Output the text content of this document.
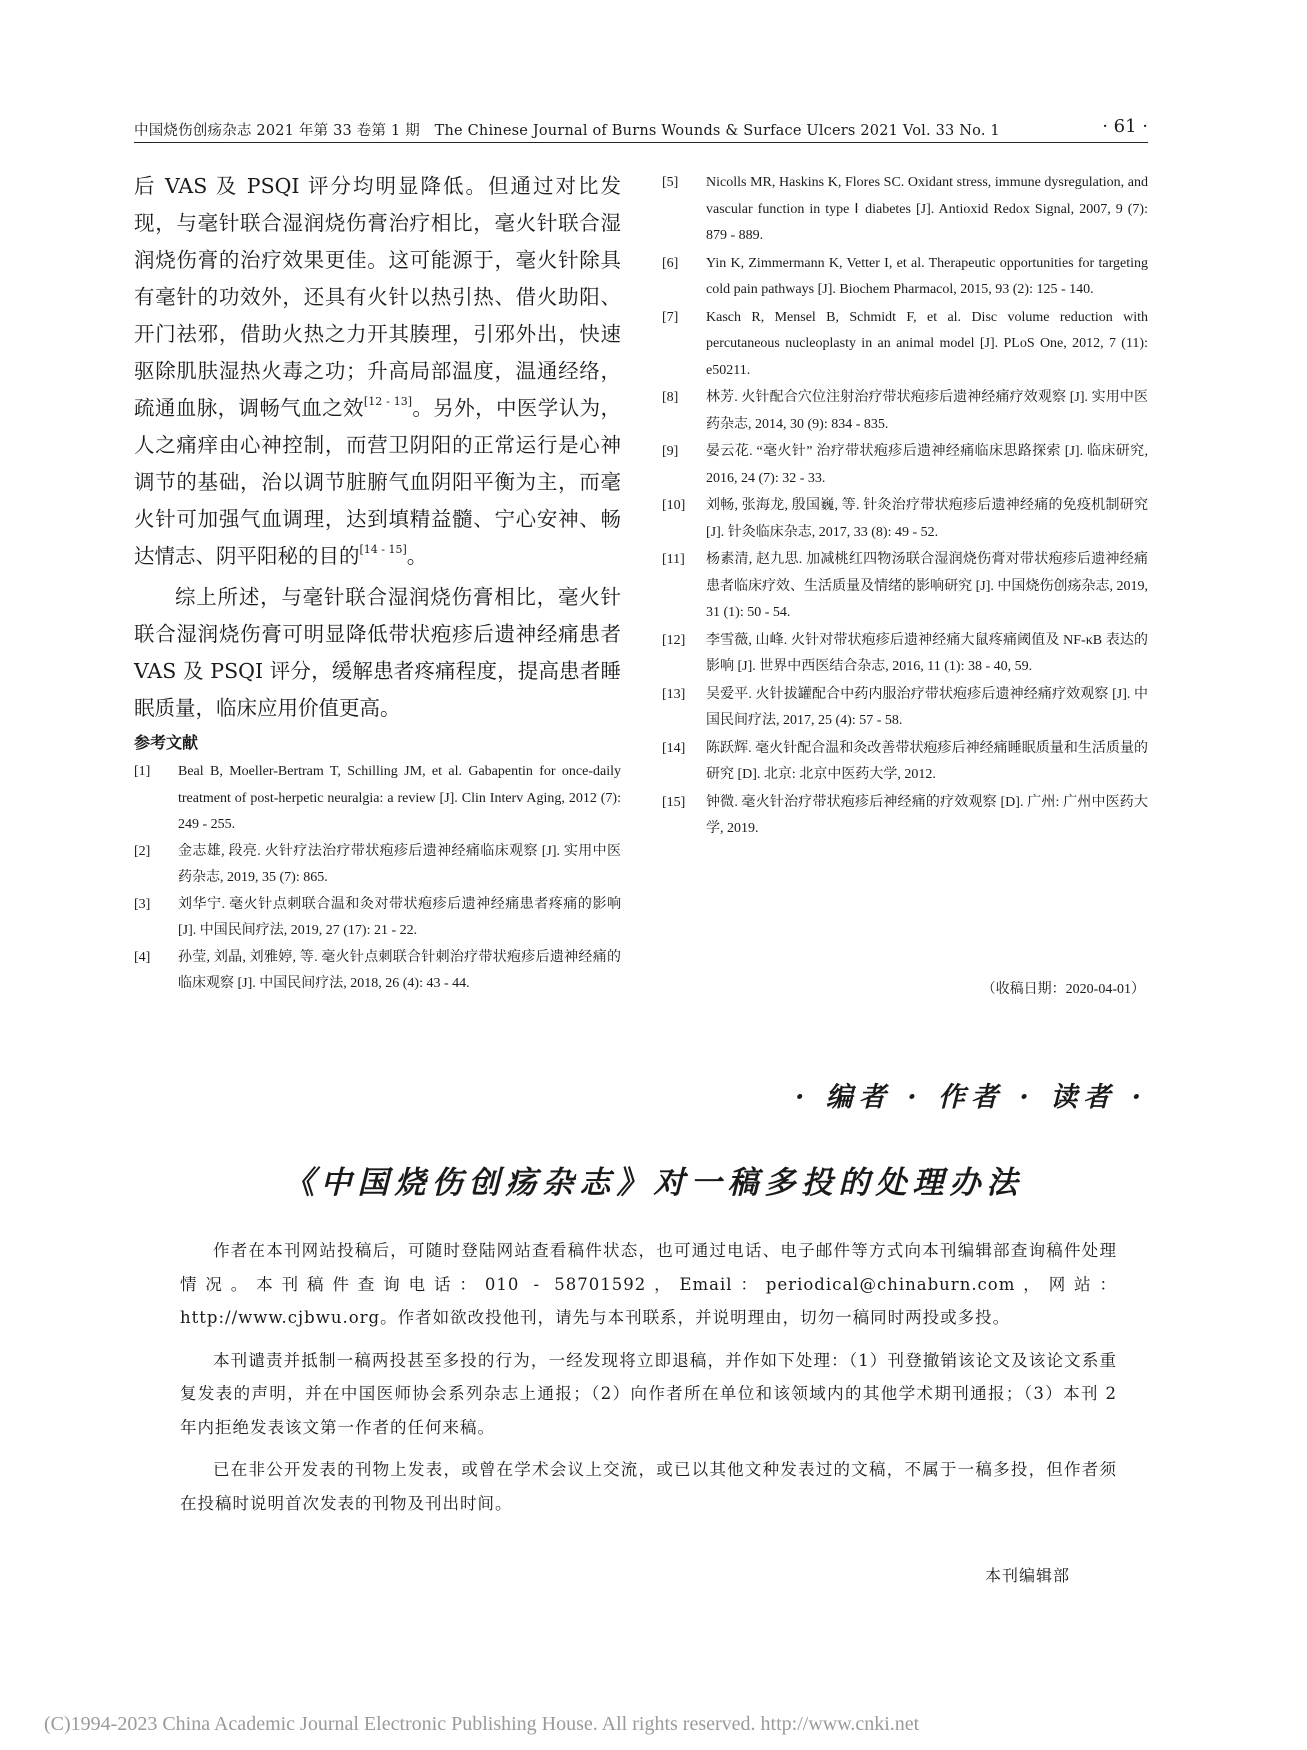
中国烧伤创疡杂志 2021 年第 33 卷第 1 期　The Chinese Journal of Burns Wounds & Surface Ulcers 2021 Vol. 33 No. 1	· 61 ·

后 VAS 及 PSQI 评分均明显降低。但通过对比发现，与毫针联合湿润烧伤膏治疗相比，毫火针联合湿润烧伤膏的治疗效果更佳。这可能源于，毫火针除具有毫针的功效外，还具有火针以热引热、借火助阳、开门祛邪，借助火热之力开其腠理，引邪外出，快速驱除肌肤湿热火毒之功；升高局部温度，温通经络，疏通血脉，调畅气血之效[12 - 13]。另外，中医学认为，人之痛痒由心神控制，而营卫阴阳的正常运行是心神调节的基础，治以调节脏腑气血阴阳平衡为主，而毫火针可加强气血调理，达到填精益髓、宁心安神、畅达情志、阴平阳秘的目的[14 - 15]。

综上所述，与毫针联合湿润烧伤膏相比，毫火针联合湿润烧伤膏可明显降低带状疱疹后遗神经痛患者 VAS 及 PSQI 评分，缓解患者疼痛程度，提高患者睡眠质量，临床应用价值更高。

参考文献
[1]	Beal B, Moeller-Bertram T, Schilling JM, et al. Gabapentin for once-daily treatment of post-herpetic neuralgia: a review [J]. Clin Interv Aging, 2012 (7): 249 - 255.
[2]	金志雄, 段亮. 火针疗法治疗带状疱疹后遗神经痛临床观察 [J]. 实用中医药杂志, 2019, 35 (7): 865.
[3]	刘华宁. 毫火针点刺联合温和灸对带状疱疹后遗神经痛患者疼痛的影响 [J]. 中国民间疗法, 2019, 27 (17): 21 - 22.
[4]	孙莹, 刘晶, 刘雅婷, 等. 毫火针点刺联合针刺治疗带状疱疹后遗神经痛的临床观察 [J]. 中国民间疗法, 2018, 26 (4): 43 - 44.
[5]	Nicolls MR, Haskins K, Flores SC. Oxidant stress, immune dysregulation, and vascular function in type Ⅰ diabetes [J]. Antioxid Redox Signal, 2007, 9 (7): 879 - 889.
[6]	Yin K, Zimmermann K, Vetter I, et al. Therapeutic opportunities for targeting cold pain pathways [J]. Biochem Pharmacol, 2015, 93 (2): 125 - 140.
[7]	Kasch R, Mensel B, Schmidt F, et al. Disc volume reduction with percutaneous nucleoplasty in an animal model [J]. PLoS One, 2012, 7 (11): e50211.
[8]	林芳. 火针配合穴位注射治疗带状疱疹后遗神经痛疗效观察 [J]. 实用中医药杂志, 2014, 30 (9): 834 - 835.
[9]	晏云花. “毫火针” 治疗带状疱疹后遗神经痛临床思路探索 [J]. 临床研究, 2016, 24 (7): 32 - 33.
[10]	刘畅, 张海龙, 殷国巍, 等. 针灸治疗带状疱疹后遗神经痛的免疫机制研究 [J]. 针灸临床杂志, 2017, 33 (8): 49 - 52.
[11]	杨素清, 赵九思. 加减桃红四物汤联合湿润烧伤膏对带状疱疹后遗神经痛患者临床疗效、生活质量及情绪的影响研究 [J]. 中国烧伤创疡杂志, 2019, 31 (1): 50 - 54.
[12]	李雪薇, 山峰. 火针对带状疱疹后遗神经痛大鼠疼痛阈值及 NF-κB 表达的影响 [J]. 世界中西医结合杂志, 2016, 11 (1): 38 - 40, 59.
[13]	吴爱平. 火针拔罐配合中药内服治疗带状疱疹后遗神经痛疗效观察 [J]. 中国民间疗法, 2017, 25 (4): 57 - 58.
[14]	陈跃辉. 毫火针配合温和灸改善带状疱疹后神经痛睡眠质量和生活质量的研究 [D]. 北京: 北京中医药大学, 2012.
[15]	钟微. 毫火针治疗带状疱疹后神经痛的疗效观察 [D]. 广州: 广州中医药大学, 2019.
（收稿日期：2020-04-01）
· 编者 · 作者 · 读者 ·
《中国烧伤创疡杂志》对一稿多投的处理办法

作者在本刊网站投稿后，可随时登陆网站查看稿件状态，也可通过电话、电子邮件等方式向本刊编辑部查询稿件处理情况。本刊稿件查询电话：010 - 58701592，Email：periodical@chinaburn.com，网站：http://www.cjbwu.org。作者如欲改投他刊，请先与本刊联系，并说明理由，切勿一稿同时两投或多投。

本刊谴责并抵制一稿两投甚至多投的行为，一经发现将立即退稿，并作如下处理：（1）刊登撤销该论文及该论文系重复发表的声明，并在中国医师协会系列杂志上通报；（2）向作者所在单位和该领域内的其他学术期刊通报；（3）本刊 2 年内拒绝发表该文第一作者的任何来稿。

已在非公开发表的刊物上发表，或曾在学术会议上交流，或已以其他文种发表过的文稿，不属于一稿多投，但作者须在投稿时说明首次发表的刊物及刊出时间。

本刊编辑部
(C)1994-2023 China Academic Journal Electronic Publishing House. All rights reserved. http://www.cnki.net
